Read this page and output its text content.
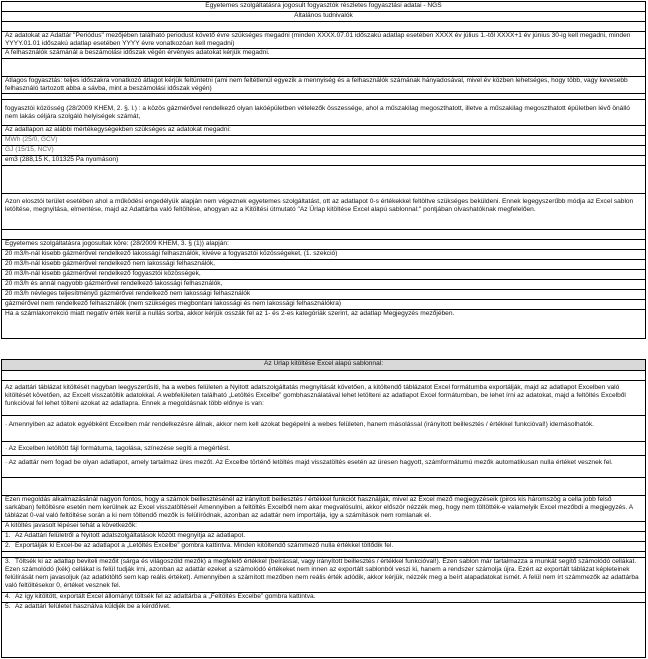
Egyetemes szolgáltatásra jogosult fogyasztók részletes fogyasztási adatai - NGS
Általános tudnivalók
Az adatokat az Adattár "Periódus" mezőjében található periodust követő évre szükséges megadni (minden XXXX.07.01 időszakú adatlap esetében XXXX év július 1.-től XXXX+1 év június 30-ig kell megadni, minden YYYY.01.01 időszakú adatlap esetében YYYY évre vonatkozóan kell megadni)
A felhasználók számánál a beszámolási időszak végén érvényes adatokat kérjük megadni.
Átlagos fogyasztás: teljes időszakra vonatkozó átlagot kérjük feltüntetni (ami nem feltétlenül egyezik a mennyiség és a felhasználók számának hányadosával, mivel év közben lehetséges, hogy több, vagy kevesebb felhasználó tartozott abba a sávba, mint a beszámolási időszak végén)
fogyasztói közösség (28/2009 KHEM, 2. §. l.) : a közös gázmérővel rendelkező olyan lakóépületben vételezők összessége, ahol a műszakilag megoszthatott, illetve a műszakilag megoszthatott épületben lévő önálló nem lakás céljára szolgáló helyiségek számát,
Az adatlapon az alábbi mértékegységekben szükséges az adatokat megadni:
MWh (25/0, GCV)
GJ (15/15, NCV)
em3 (288,15 K, 101325 Pa nyomáson)
Azon elosztói terület esetében ahol a működési engedélyük alapján nem végeznek egyetemes szolgáltatást, ott az adatlapot 0-s értékekkel feltöltve szükséges beküldeni. Ennek legegyszerűbb módja az Excel sablon letöltése, megnyitása, elmentése, majd az Adattárba való feltöltése, ahogyan az a Kitöltési útmutató "Az Űrlap kitöltése Excel alapú sablonnal:" pontjában olvashatóknak megfelelően.
Egyetemes szolgáltatásra jogosultak köre: (28/2009 KHEM, 3. § (1)) alapján:
20 m3/h-nál kisebb gázmérővel rendelkező lakossági felhasználók, kivéve a fogyasztói közösségeket, (1. szekció)
20 m3/h-nál kisebb gázmérővel rendelkező nem lakossági felhasználók,
20 m3/h-nál kisebb gázmérővel rendelkező fogyasztói közösségek,
20 m3/h és annál nagyobb gázmérővel rendelkező lakossági felhasználók,
20 m3/h névleges teljesítményű gázmérővel rendelkező nem lakossági felhasználók
gázmérővel nem rendelkező felhasználók (nem szükséges megbontani lakossági és nem lakossági felhasználókra)
Ha a számlakorrekció miatt negatív érték kerül a nullás sorba, akkor kérjük osszák fel az 1- és 2-es kategóriák szerint, az adatlap Megjegyzés mezőjében.
Az Űrlap kitöltése Excel alapú sablonnal:
Az adattári táblázat kitöltését nagyban leegyszerűsíti, ha a webes felületen a Nyitott adatszolgáltatás megnyitását követően, a kitöltendő táblázatot Excel formátumba exportálják, majd az adatlapot Excelben való kitöltését követően, az Excelt visszatöltik adatokkal. A webfelületen található „Letöltés Excelbe” gombhasználatával lehet letölteni az adatlapot Excel formátumban, be lehet írni az adatokat, majd a feltöltés Excelből funkcióval fel lehet tölteni azokat az adatlapra. Ennek a megoldásnak több előnye is van:
· Amennyiben az adatok egyébként Excelben már rendelkezésre állnak, akkor nem kell azokat begépelni a webes felületen, hanem másolással (irányított beillesztés / értékkel funkcióval!) idemásolhatók.
· Az Excelben letöltött fájl formátuma, tagolása, színezése segíti a megértést.
· Az adattár nem fogad be olyan adatlapot, amely tartalmaz üres mezőt. Az Excelbe történő letöltés majd visszatöltés esetén az üresen hagyott, számformátumú mezők automatikusan nulla értéket vesznek fel.
Ezen megoldás alkalmazásánál nagyon fontos, hogy a számok beillesztésénél az irányított beillesztés / értékkel funkciót használják, mivel az Excel mező megjegyzéseik (piros kis háromszög a cella jobb felső sarkában) feltöltésre esetén nem kerülnek az Excel visszatöltései! Amennyiben a feltöltés Excelből nem akar megvalósulni, akkor először nézzék meg, hogy nem töltötték-e valamelyik Excel mezőbdi a megjegyzés. A táblázat 0-val való feltöltése során a ki nem töltendő mezők is felülíródnak, azonban az adattár nem importálja, így a számítások nem romlanak el.
A kitöltés javasolt lépései tehát a következők:
1. Az Adattári felületről a Nyitott adatszolgáltatások között megnyitja az adatlapot.
2. Exportálják ki Excel-be az adatlapot a „Letöltés Excelbe” gombra kattintva. Minden kitöltendő számmező nulla értékkel töltődik fel.
3. Töltsék ki az adatlap beviteli mezőit (sárga és világoszöld mezők) a megfelelő értékkel (beírással, vagy irányított beillesztés / értékkel funkcióval!). Ezen sablon már tartalmazza a munkát segítő számolódó cellákat. Ezen számolódó (kék) cellákat is felül tudják írni, azonban az adattár ezeket a számolódó értékeket nem innen az exportált sablonból veszi ki, hanem a rendszer számolja újra. Ezért az exportált táblázat képleteinek felülírását nem javasoljuk (az adatkitöltő sem kap reális értéket). Amennyiben a számított mezőben nem reális érték adódik, akkor kérjük, nézzék meg a beírt alapadatokat ismét. A felül nem írt számmezők az adattárba való feltöltésekor 0, értéket vesznek fel.
4. Az így kitöltött, exportált Excel állományt töltsék fel az adattárba a „Feltöltés Excelbe” gombra kattintva.
5. Az adattári felületet használva küldjék be a kérdőívet.
